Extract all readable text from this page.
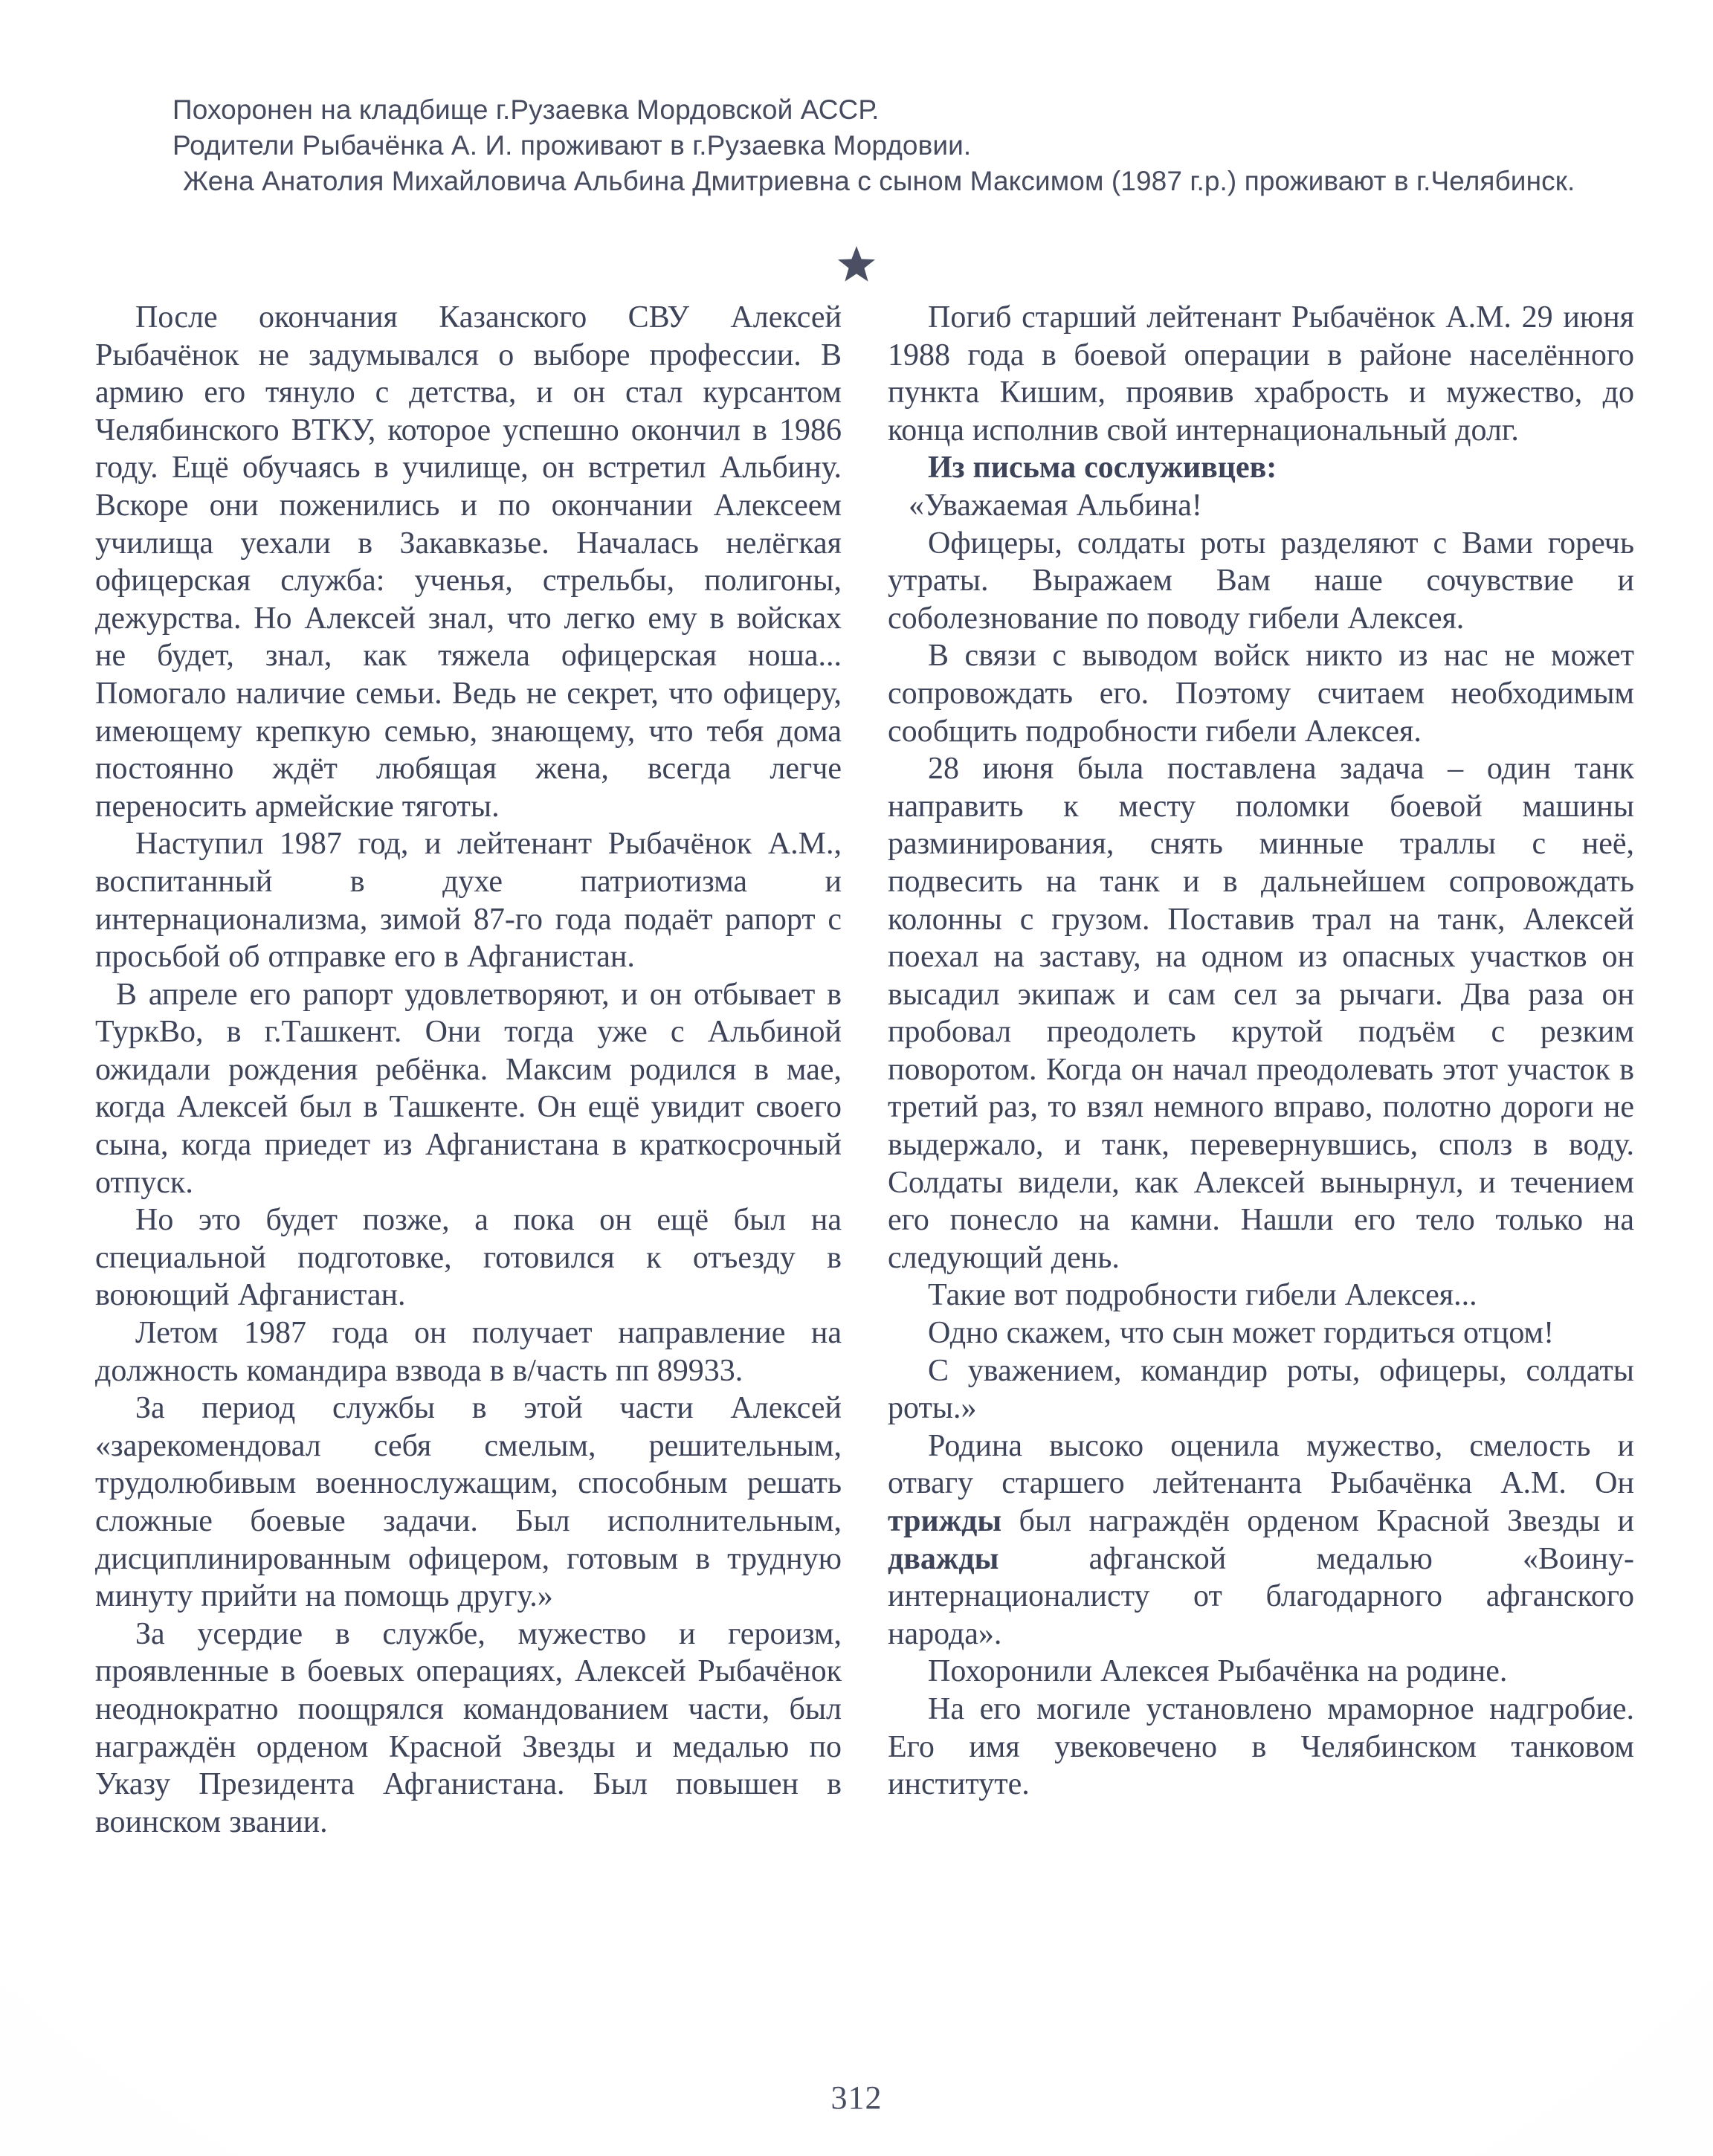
Похоронен на кладбище г.Рузаевка Мордовской АССР.
Родители Рыбачёнка А. И. проживают в г.Рузаевка Мордовии.
Жена Анатолия Михайловича Альбина Дмитриевна с сыном Максимом (1987 г.р.) проживают в г.Челябинск.

После окончания Казанского СВУ Алексей Рыбачёнок не задумывался о выборе профессии. В армию его тянуло с детства, и он стал курсантом Челябинского ВТКУ, которое успешно окончил в 1986 году. Ещё обучаясь в училище, он встретил Альбину. Вскоре они поженились и по окончании Алексеем училища уехали в Закавказье. Началась нелёгкая офицерская служба: ученья, стрельбы, полигоны, дежурства. Но Алексей знал, что легко ему в войсках не будет, знал, как тяжела офицерская ноша... Помогало наличие семьи. Ведь не секрет, что офицеру, имеющему крепкую семью, знающему, что тебя дома постоянно ждёт любящая жена, всегда легче переносить армейские тяготы.

Наступил 1987 год, и лейтенант Рыбачёнок А.М., воспитанный в духе патриотизма и интернационализма, зимой 87-го года подаёт рапорт с просьбой об отправке его в Афганистан.

В апреле его рапорт удовлетворяют, и он отбывает в ТуркВо, в г.Ташкент. Они тогда уже с Альбиной ожидали рождения ребёнка. Максим родился в мае, когда Алексей был в Ташкенте. Он ещё увидит своего сына, когда приедет из Афганистана в краткосрочный отпуск.

Но это будет позже, а пока он ещё был на специальной подготовке, готовился к отъезду в воюющий Афганистан.

Летом 1987 года он получает направление на должность командира взвода в в/часть пп 89933.

За период службы в этой части Алексей «зарекомендовал себя смелым, решительным, трудолюбивым военнослужащим, способным решать сложные боевые задачи. Был исполнительным, дисциплинированным офицером, готовым в трудную минуту прийти на помощь другу.»

За усердие в службе, мужество и героизм, проявленные в боевых операциях, Алексей Рыбачёнок неоднократно поощрялся командованием части, был награждён орденом Красной Звезды и медалью по Указу Президента Афганистана. Был повышен в воинском звании.

Погиб старший лейтенант Рыбачёнок А.М. 29 июня 1988 года в боевой операции в районе населённого пункта Кишим, проявив храбрость и мужество, до конца исполнив свой интернациональный долг.

Из письма сослуживцев:

«Уважаемая Альбина!

Офицеры, солдаты роты разделяют с Вами горечь утраты. Выражаем Вам наше сочувствие и соболезнование по поводу гибели Алексея.

В связи с выводом войск никто из нас не может сопровождать его. Поэтому считаем необходимым сообщить подробности гибели Алексея.

28 июня была поставлена задача – один танк направить к месту поломки боевой машины разминирования, снять минные траллы с неё, подвесить на танк и в дальнейшем сопровождать колонны с грузом. Поставив трал на танк, Алексей поехал на заставу, на одном из опасных участков он высадил экипаж и сам сел за рычаги. Два раза он пробовал преодолеть крутой подъём с резким поворотом. Когда он начал преодолевать этот участок в третий раз, то взял немного вправо, полотно дороги не выдержало, и танк, перевернувшись, сполз в воду. Солдаты видели, как Алексей вынырнул, и течением его понесло на камни. Нашли его тело только на следующий день.

Такие вот подробности гибели Алексея...

Одно скажем, что сын может гордиться отцом!

С уважением, командир роты, офицеры, солдаты роты.»

Родина высоко оценила мужество, смелость и отвагу старшего лейтенанта Рыбачёнка А.М. Он трижды был награждён орденом Красной Звезды и дважды афганской медалью «Воину-интернационалисту от благодарного афганского народа».

Похоронили Алексея Рыбачёнка на родине.

На его могиле установлено мраморное надгробие. Его имя увековечено в Челябинском танковом институте.

312
